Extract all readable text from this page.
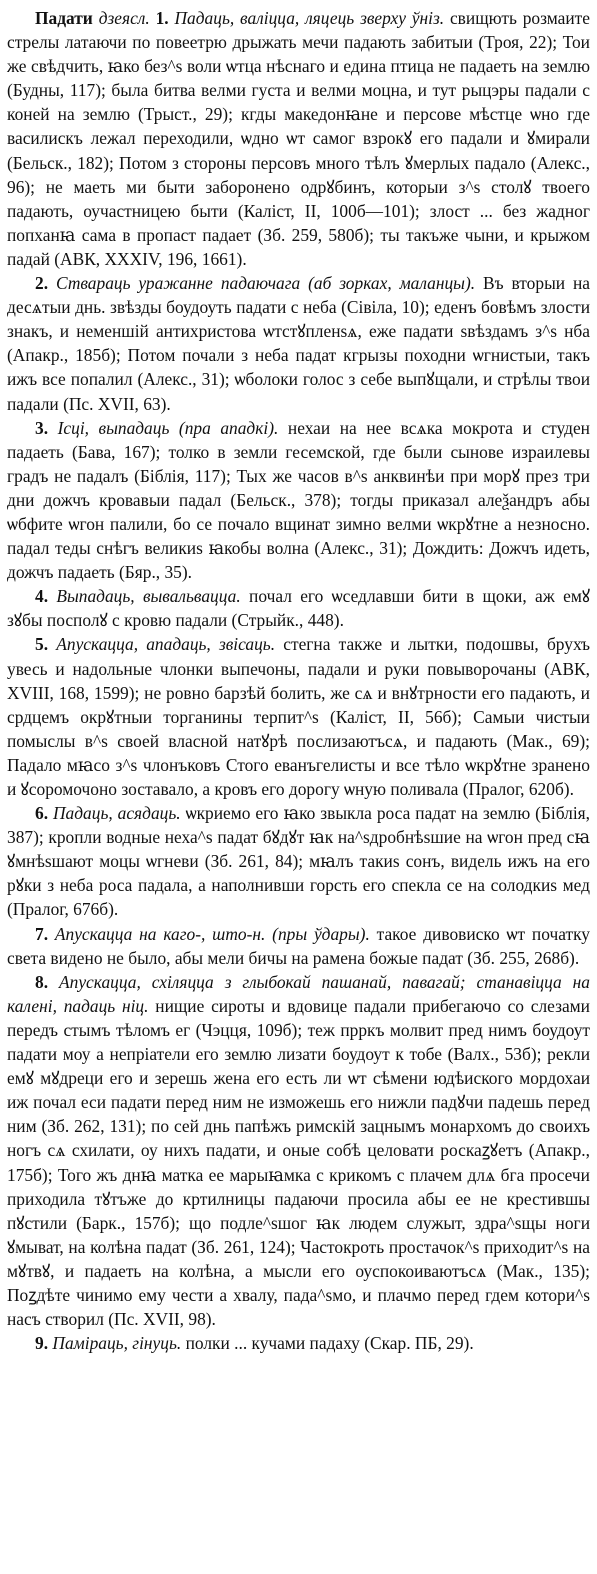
Падати дзеясл. 1. Падаць, валіцца, ляцець зверху ўніз. свищють розмаите стрелы латаючи по повеетрю дрыжать мечи падають забитыи (Троя, 22); Тои же свѣдчить, ꙗко без^s воли ѡтца нѣснаго и едина птица не падаеть на землю (Будны, 117); была битва велми густа и велми моцна, и тут рыцэры падали с коней на землю (Трыст., 29); кгды македонꙗне и персове мѣстце ѡно где василискъ лежал переходили, ѡдно ѡт самог взрокꙋ его падали и ꙋмирали (Бельск., 182); Потом з стороны персовъ много тѣлъ ꙋмерлых падало (Алекс., 96); не маеть ми быти заборонено одрꙋбинъ, которыи з^s столꙋ твоего падають, оучастницею быти (Каліст, II, 100б—101); злост ... без жадног попханꙗ сама в пропаст падает (Зб. 259, 580б); ты такъже чыни, и крыжом падай (АВК, XXXIV, 196, 1661).

2. Стварaць уражанне падаючага (аб зорках, маланцы). Въ вторыи на десѧтыи днь. звѣзды боудоуть падати с неба (Сівіла, 10); еденъ бовѣмъ злости знакъ, и неменшій антихристова ѡтстꙋпленѕѧ, еже падати ѕвѣздамъ з^s нба (Апакр., 185б); Потом почали з неба падат кгрызы походни ѡгнистыи, такъ ижъ все попалил (Алекс., 31); ѡболоки голос з себе выпꙋщали, и стрѣлы твои падали (Пс. XVII, 63).

3. Ісці, выпадаць (пра ападкі). нехаи на нее всѧка мокрота и студен падаеть (Бава, 167); толко в земли гесемской, где были сынове израилевы градъ не падалъ (Біблія, 117); Тых же часов в^s анквинѣи при морꙋ през три дни дожчъ кровавыи падал (Бельск., 378); тогды приказал алеѯандръ абы ѡбфите ѡгон палили, бо се почало вщинат зимно велми ѡкрꙋтне а незносно. падал теды снѣгъ великиѕ ꙗкобы волна (Алекс., 31); Дождить: Дожчъ идеть, дожчъ падаеть (Бяр., 35).

4. Выпадаць, вывальвацца. почал его ѡседлавши бити в щоки, аж емꙋ зꙋбы посполꙋ с кровю падали (Стрыйк., 448).

5. Апускацца, ападаць, звісаць. стегна также и лытки, подошвы, брухъ увесь и надольные члонки выпечоны, падали и руки повыворочаны (АВК, XVIII, 168, 1599); не ровно барзѣй болить, же сѧ и внꙋтрности его падають, и срдцемъ окрꙋтныи торганины терпит^s (Каліст, II, 56б); Самыи чистыи помыслы в^s своей власной натꙋрѣ послизаютъсѧ, и падають (Мак., 69); Падало мꙗсо з^s члонъковъ Стого еванъгелисты и все тѣло ѡкрꙋтне зранено и ꙋсоромочоно зоставало, а кровъ его дорогу ѡную поливала (Пралог, 620б).

6. Падаць, асядаць. ѡкриемо его ꙗко звыкла роса падат на землю (Біблія, 387); кропли водные неха^s падат бꙋдꙋт ꙗк на^sдробнѣѕшие на ѡгон пред сꙗ ꙋмнѣѕшают моцы ѡгневи (Зб. 261, 84); мꙗлъ такиѕ сонъ, видель ижъ на его рꙋки з неба роса падала, а наполнивши горсть его спекла се на солодкиѕ мед (Пралог, 676б).

7. Апускацца на каго-, што-н. (пры ўдары). такое дивовиско ѡт початку света видено не было, абы мели бичы на рамена божые падат (Зб. 255, 268б).

8. Апускацца, схіляцца з глыбокай пашанай, павагай; станавіцца на калені, падаць ніц. нищие сироты и вдовице падали прибегаючо со слезами передъ стымъ тѣломъ ег (Чэцця, 109б); теж прркъ молвит пред нимъ боудоут падати моу а непріатели его землю лизати боудоут к тобе (Валх., 53б); рекли емꙋ мꙋдреци его и зерешь жена его есть ли ѡт сѣмени юдѣиского мордохаи иж почал еси падати перед ним не изможешь его нижли падꙋчи падешь перед ним (Зб. 262, 131); по сей днь папѣжъ римскій зацнымъ монархомъ до своихъ ногъ сѧ схилати, оу нихъ падати, и оные собѣ целовати роскаꙁꙋетъ (Апакр., 175б); Того жъ днꙗ матка ее марыꙗмка с крикомъ с плачем длѧ бга просечи приходила тꙋтъже до кртилницы падаючи просила абы ее не крестившы пꙋстили (Барк., 157б); що подле^sшог ꙗк людем служыт, здра^sщы ноги ꙋмыват, на колѣна падат (Зб. 261, 124); Частокроть простачок^s приходит^s на мꙋтвꙋ, и падаеть на колѣна, а мысли его оуспокоиваютъсѧ (Мак., 135); Поꙁдѣте чинимо ему чести а хвалу, пада^sмо, и плачмо перед гдем котори^s насъ створил (Пс. XVII, 98).

9. Паміраць, гінуць. полки ... кучами падаху (Скар. ПБ, 29).
